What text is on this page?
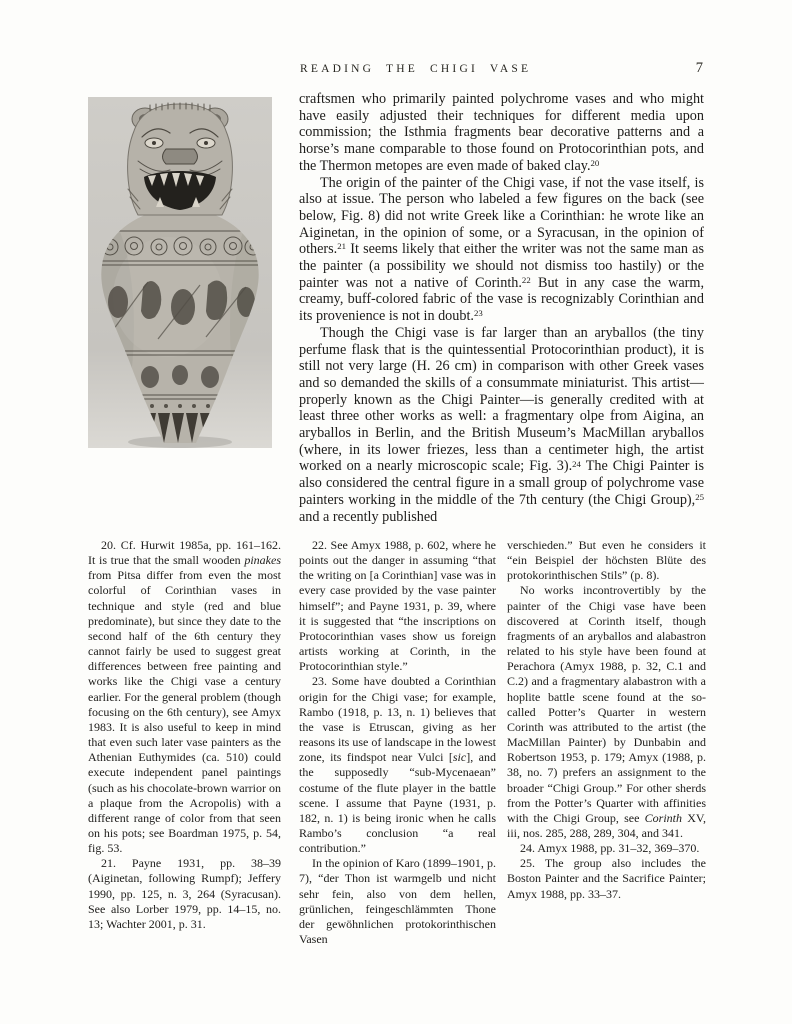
READING THE CHIGI VASE	7

craftsmen who primarily painted polychrome vases and who might have easily adjusted their techniques for different media upon commission; the Isthmia fragments bear decorative patterns and a horse’s mane comparable to those found on Protocorinthian pots, and the Thermon metopes are even made of baked clay.$^{20}$

The origin of the painter of the Chigi vase, if not the vase itself, is also at issue. The person who labeled a few figures on the back (see below, Fig. 8) did not write Greek like a Corinthian: he wrote like an Aiginetan, in the opinion of some, or a Syracusan, in the opinion of others.$^{21}$ It seems likely that either the writer was not the same man as the painter (a possibility we should not dismiss too hastily) or the painter was not a native of Corinth.$^{22}$ But in any case the warm, creamy, buff-colored fabric of the vase is recognizably Corinthian and its provenience is not in doubt.$^{23}$

Though the Chigi vase is far larger than an aryballos (the tiny perfume flask that is the quintessential Protocorinthian product), it is still not very large (H. 26 cm) in comparison with other Greek vases and so demanded the skills of a consummate miniaturist. This artist—properly known as the Chigi Painter—is generally credited with at least three other works as well: a fragmentary olpe from Aigina, an aryballos in Berlin, and the British Museum’s MacMillan aryballos (where, in its lower friezes, less than a centimeter high, the artist worked on a nearly microscopic scale; Fig. 3).$^{24}$ The Chigi Painter is also considered the central figure in a small group of polychrome vase painters working in the middle of the 7th century (the Chigi Group),$^{25}$ and a recently published

20. Cf. Hurwit 1985a, pp. 161–162. It is true that the small wooden pinakes from Pitsa differ from even the most colorful of Corinthian vases in technique and style (red and blue predominate), but since they date to the second half of the 6th century they cannot fairly be used to suggest great differences between free painting and works like the Chigi vase a century earlier. For the general problem (though focusing on the 6th century), see Amyx 1983. It is also useful to keep in mind that even such later vase painters as the Athenian Euthymides (ca. 510) could execute independent panel paintings (such as his chocolate-brown warrior on a plaque from the Acropolis) with a different range of color from that seen on his pots; see Boardman 1975, p. 54, fig. 53.

21. Payne 1931, pp. 38–39 (Aiginetan, following Rumpf); Jeffery 1990, pp. 125, n. 3, 264 (Syracusan). See also Lorber 1979, pp. 14–15, no. 13; Wachter 2001, p. 31.

22. See Amyx 1988, p. 602, where he points out the danger in assuming “that the writing on [a Corinthian] vase was in every case provided by the vase painter himself”; and Payne 1931, p. 39, where it is suggested that “the inscriptions on Protocorinthian vases show us foreign artists working at Corinth, in the Protocorinthian style.”

23. Some have doubted a Corinthian origin for the Chigi vase; for example, Rambo (1918, p. 13, n. 1) believes that the vase is Etruscan, giving as her reasons its use of landscape in the lowest zone, its findspot near Vulci [sic], and the supposedly “sub-Mycenaean” costume of the flute player in the battle scene. I assume that Payne (1931, p. 182, n. 1) is being ironic when he calls Rambo’s conclusion “a real contribution.”

In the opinion of Karo (1899–1901, p. 7), “der Thon ist warmgelb und nicht sehr fein, also von dem hellen, grünlichen, feingeschlämmten Thone der gewöhnlichen protokorinthischen Vasen

verschieden.” But even he considers it “ein Beispiel der höchsten Blüte des protokorinthischen Stils” (p. 8).

No works incontrovertibly by the painter of the Chigi vase have been discovered at Corinth itself, though fragments of an aryballos and alabastron related to his style have been found at Perachora (Amyx 1988, p. 32, C.1 and C.2) and a fragmentary alabastron with a hoplite battle scene found at the so-called Potter’s Quarter in western Corinth was attributed to the artist (the MacMillan Painter) by Dunbabin and Robertson 1953, p. 179; Amyx (1988, p. 38, no. 7) prefers an assignment to the broader “Chigi Group.” For other sherds from the Potter’s Quarter with affinities with the Chigi Group, see Corinth XV, iii, nos. 285, 288, 289, 304, and 341.

24. Amyx 1988, pp. 31–32, 369–370.

25. The group also includes the Boston Painter and the Sacrifice Painter; Amyx 1988, pp. 33–37.
